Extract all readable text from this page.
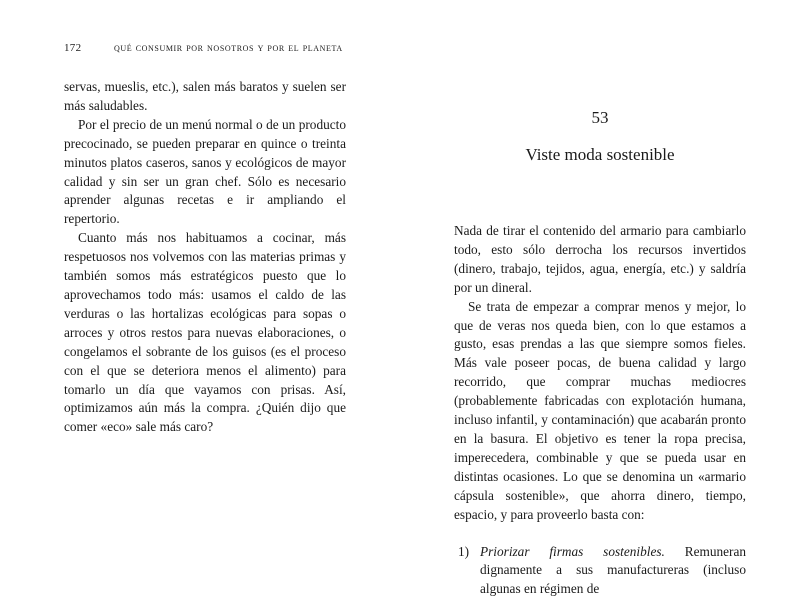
172	qué consumir por nosotros y por el planeta

servas, mueslis, etc.), salen más baratos y suelen ser más saludables.

Por el precio de un menú normal o de un producto precocinado, se pueden preparar en quince o treinta minutos platos caseros, sanos y ecológicos de mayor calidad y sin ser un gran chef. Sólo es necesario aprender algunas recetas e ir ampliando el repertorio.

Cuanto más nos habituamos a cocinar, más respetuosos nos volvemos con las materias primas y también somos más estratégicos puesto que lo aprovechamos todo más: usamos el caldo de las verduras o las hortalizas ecológicas para sopas o arroces y otros restos para nuevas elaboraciones, o congelamos el sobrante de los guisos (es el proceso con el que se deteriora menos el alimento) para tomarlo un día que vayamos con prisas. Así, optimizamos aún más la compra. ¿Quién dijo que comer «eco» sale más caro?

53
Viste moda sostenible

Nada de tirar el contenido del armario para cambiarlo todo, esto sólo derrocha los recursos invertidos (dinero, trabajo, tejidos, agua, energía, etc.) y saldría por un dineral.

Se trata de empezar a comprar menos y mejor, lo que de veras nos queda bien, con lo que estamos a gusto, esas prendas a las que siempre somos fieles. Más vale poseer pocas, de buena calidad y largo recorrido, que comprar muchas mediocres (probablemente fabricadas con explotación humana, incluso infantil, y contaminación) que acabarán pronto en la basura. El objetivo es tener la ropa precisa, imperecedera, combinable y que se pueda usar en distintas ocasiones. Lo que se denomina un «armario cápsula sostenible», que ahorra dinero, tiempo, espacio, y para proveerlo basta con:

1) Priorizar firmas sostenibles. Remuneran dignamente a sus manufactureras (incluso algunas en régimen de
